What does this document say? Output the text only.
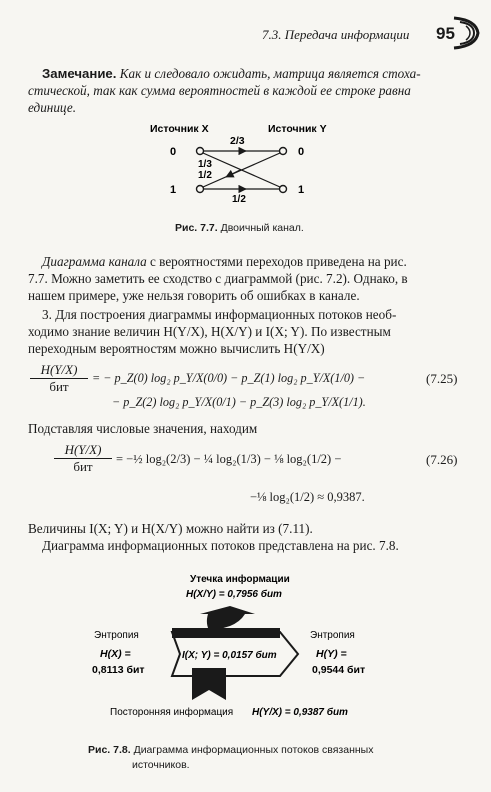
7.3. Передача информации 95
Замечание. Как и следовало ожидать, матрица является стоха-
стической, так как сумма вероятностей в каждой ее строке равна
единице.
Источник X	Источник Y
0
1
0
1
2/3
1/3
1/2
1/2
Рис. 7.7. Двоичный канал.
Диаграмма канала с вероятностями переходов приведена на рис.
7.7. Можно заметить ее сходство с диаграммой (рис. 7.2). Однако, в
нашем примере, уже нельзя говорить об ошибках в канале.
3. Для построения диаграммы информационных потоков необ-
ходимо знание величин H(Y/X), H(X/Y) и I(X; Y). По известным
переходным вероятностям можно вычислить H(Y/X)
H(Y/X)
бит
= − p_Z(0) log₂ p_Y/X(0/0) − p_Z(1) log₂ p_Y/X(1/0) −	(7.25)
− p_Z(2) log₂ p_Y/X(0/1) − p_Z(3) log₂ p_Y/X(1/1).
Подставляя числовые значения, находим
H(Y/X)
бит	= −½ log₂(2/3) − ¼ log₂(1/3) − ⅛ log₂(1/2) −	(7.26)
−⅛ log₂(1/2) ≈ 0,9387.
Величины I(X; Y) и H(X/Y) можно найти из (7.11).
Диаграмма информационных потоков представлена на рис. 7.8.
Утечка информации
H(X/Y) = 0,7956 бит
I(X; Y) = 0,0157 бит
Энтропия
H(X) =
0,8113 бит
Энтропия
H(Y) =
0,9544 бит
Посторонняя информация H(Y/X) = 0,9387 бит
Рис. 7.8. Диаграмма информационных потоков связанных
источников.
